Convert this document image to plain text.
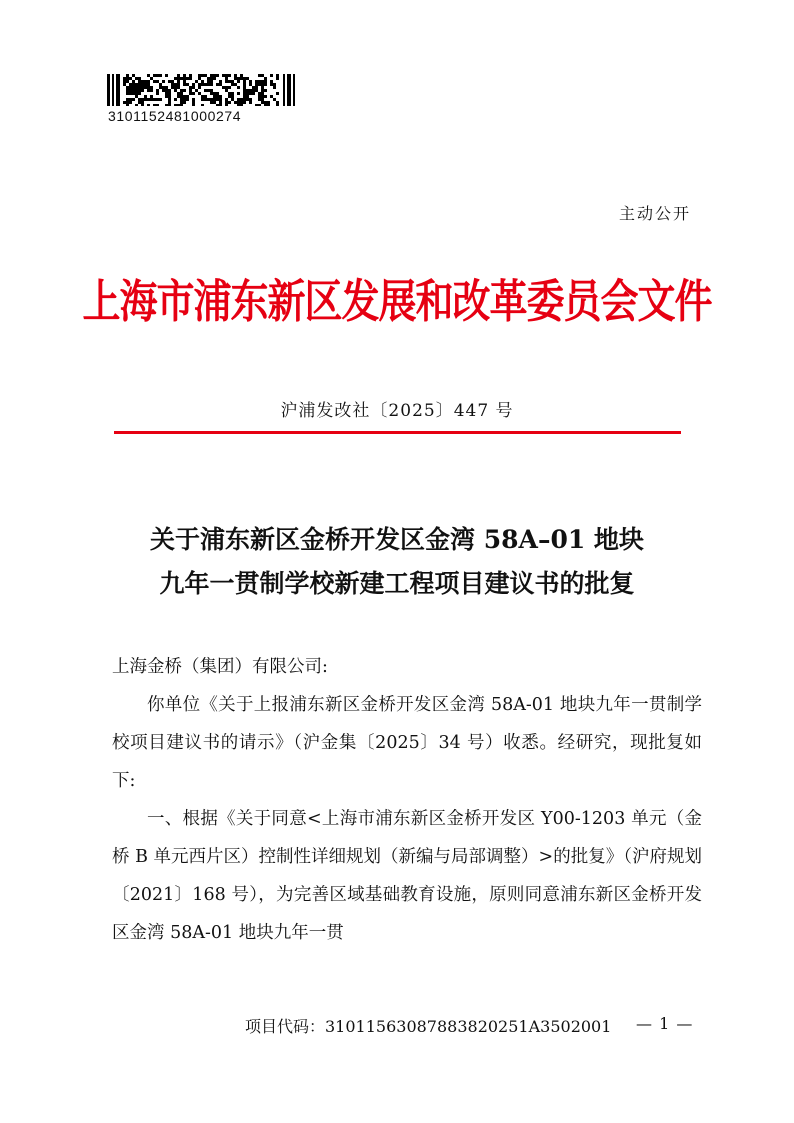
3101152481000274
主动公开
上海市浦东新区发展和改革委员会文件
沪浦发改社〔2025〕447 号
关于浦东新区金桥开发区金湾 58A–01 地块
九年一贯制学校新建工程项目建议书的批复

上海金桥（集团）有限公司:

你单位《关于上报浦东新区金桥开发区金湾 58A-01 地块九年一贯制学校项目建议书的请示》（沪金集〔2025〕34 号）收悉。经研究，现批复如下:

一、根据《关于同意<上海市浦东新区金桥开发区 Y00-1203 单元（金桥 B 单元西片区）控制性详细规划（新编与局部调整）>的批复》（沪府规划〔2021〕168 号），为完善区域基础教育设施，原则同意浦东新区金桥开发区金湾 58A-01 地块九年一贯

项目代码：31011563087883820251A3502001 — 1 —
